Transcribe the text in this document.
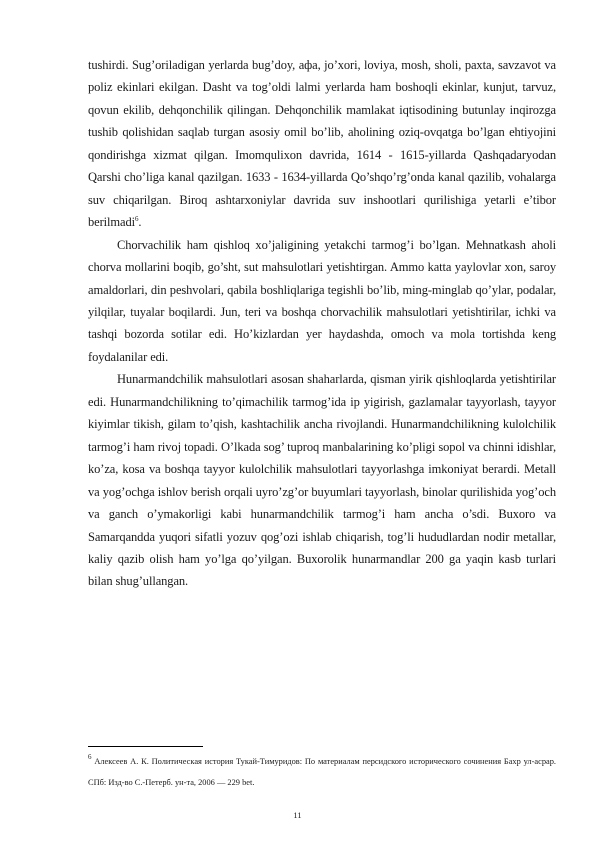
tushirdi. Sug’oriladigan yerlarda bug’doy, aфa, jo’xori, loviya, mosh, sholi, paxta, savzavot va poliz ekinlari ekilgan. Dasht va tog’oldi lalmi yerlarda ham boshoqli ekinlar, kunjut, tarvuz, qovun ekilib, dehqonchilik qilingan. Dehqonchilik mamlakat iqtisodining butunlay inqirozga tushib qolishidan saqlab turgan asosiy omil bo’lib, aholining oziq-ovqatga bo’lgan ehtiyojini qondirishga xizmat qilgan. Imomqulixon davrida, 1614 - 1615-yillarda Qashqadaryodan Qarshi cho’liga kanal qazilgan. 1633 - 1634-yillarda Qo’shqo’rg’onda kanal qazilib, vohalarga suv chiqarilgan. Biroq ashtarxoniylar davrida suv inshootlari qurilishiga yetarli e’tibor berilmadi$^6$.

Chorvachilik ham qishloq xo’jaligining yetakchi tarmog’i bo’lgan. Mehnatkash aholi chorva mollarini boqib, go’sht, sut mahsulotlari yetishtirgan. Ammo katta yaylovlar xon, saroy amaldorlari, din peshvolari, qabila boshliqlariga tegishli bo’lib, ming-minglab qo’ylar, podalar, yilqilar, tuyalar boqilardi. Jun, teri va boshqa chorvachilik mahsulotlari yetishtirilar, ichki va tashqi bozorda sotilar edi. Ho’kizlardan yer haydashda, omoch va mola tortishda keng foydalanilar edi.

Hunarmandchilik mahsulotlari asosan shaharlarda, qisman yirik qishloqlarda yetishtirilar edi. Hunarmandchilikning to’qimachilik tarmog’ida ip yigirish, gazlamalar tayyorlash, tayyor kiyimlar tikish, gilam to’qish, kashtachilik ancha rivojlandi. Hunarmandchilikning kulolchilik tarmog’i ham rivoj topadi. O’lkada sog’ tuproq manbalarining ko’pligi sopol va chinni idishlar, ko’za, kosa va boshqa tayyor kulolchilik mahsulotlari tayyorlashga imkoniyat berardi. Metall va yog’ochga ishlov berish orqali uyro’zg’or buyumlari tayyorlash, binolar qurilishida yog’och va ganch o’ymakorligi kabi hunarmandchilik tarmog’i ham ancha o’sdi. Buxoro va Samarqandda yuqori sifatli yozuv qog’ozi ishlab chiqarish, tog’li hududlardan nodir metallar, kaliy qazib olish ham yo’lga qo’yilgan. Buxorolik hunarmandlar 200 ga yaqin kasb turlari bilan shug’ullangan.

$^6$ Алексеев А. К. Политическая история Тукай-Тимуридов: По материалам персидского исторического сочинения Бахр ул-асрар. СПб: Изд-во С.-Петерб. ун-та, 2006 — 229 bet.
11
